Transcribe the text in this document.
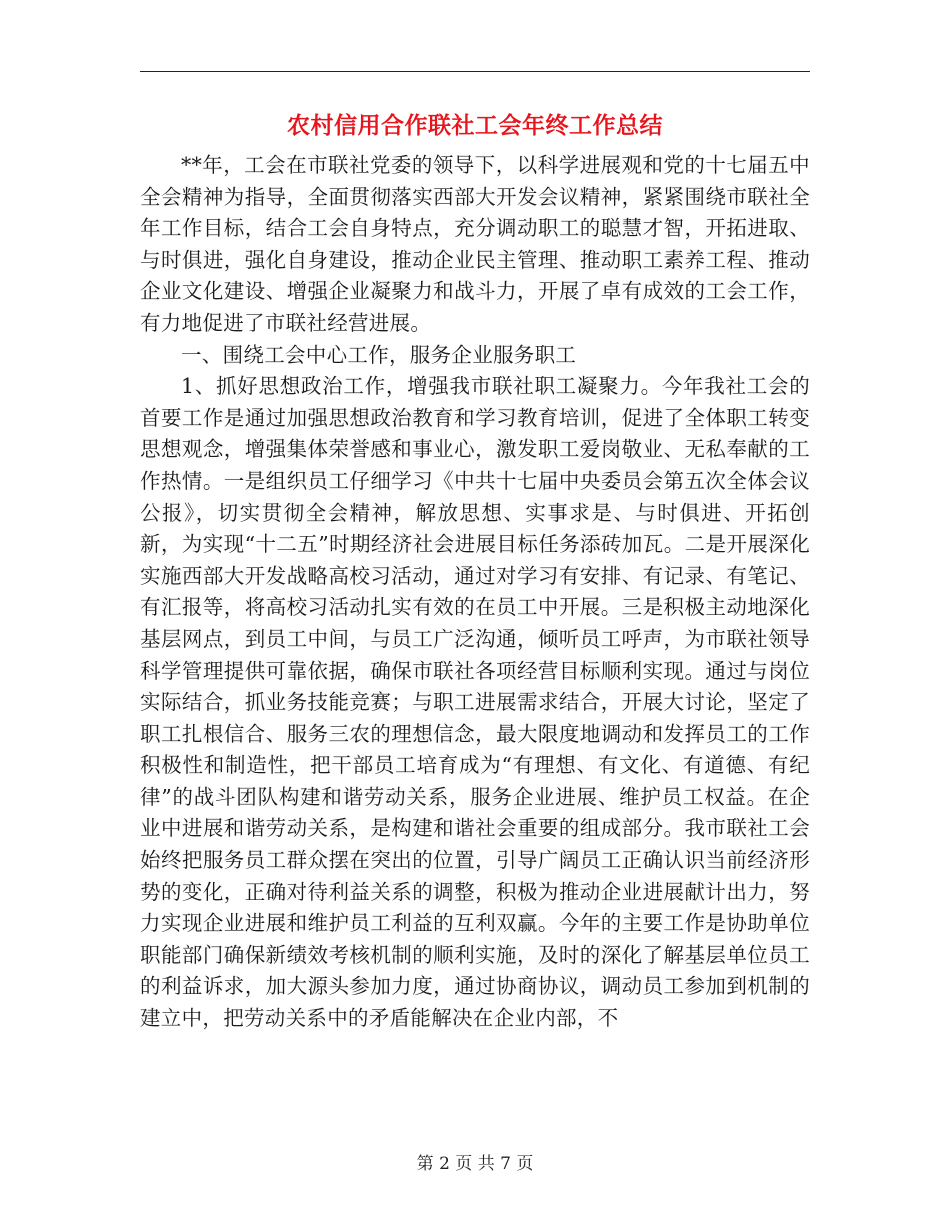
农村信用合作联社工会年终工作总结

**年，工会在市联社党委的领导下，以科学进展观和党的十七届五中全会精神为指导，全面贯彻落实西部大开发会议精神，紧紧围绕市联社全年工作目标，结合工会自身特点，充分调动职工的聪慧才智，开拓进取、与时俱进，强化自身建设，推动企业民主管理、推动职工素养工程、推动企业文化建设、增强企业凝聚力和战斗力，开展了卓有成效的工会工作，有力地促进了市联社经营进展。

一、围绕工会中心工作，服务企业服务职工

1、抓好思想政治工作，增强我市联社职工凝聚力。今年我社工会的首要工作是通过加强思想政治教育和学习教育培训，促进了全体职工转变思想观念，增强集体荣誉感和事业心，激发职工爱岗敬业、无私奉献的工作热情。一是组织员工仔细学习《中共十七届中央委员会第五次全体会议公报》，切实贯彻全会精神，解放思想、实事求是、与时俱进、开拓创新，为实现“十二五”时期经济社会进展目标任务添砖加瓦。二是开展深化实施西部大开发战略高校习活动，通过对学习有安排、有记录、有笔记、有汇报等，将高校习活动扎实有效的在员工中开展。三是积极主动地深化基层网点，到员工中间，与员工广泛沟通，倾听员工呼声，为市联社领导科学管理提供可靠依据，确保市联社各项经营目标顺利实现。通过与岗位实际结合，抓业务技能竞赛；与职工进展需求结合，开展大讨论，坚定了职工扎根信合、服务三农的理想信念，最大限度地调动和发挥员工的工作积极性和制造性，把干部员工培育成为“有理想、有文化、有道德、有纪律”的战斗团队构建和谐劳动关系，服务企业进展、维护员工权益。在企业中进展和谐劳动关系，是构建和谐社会重要的组成部分。我市联社工会始终把服务员工群众摆在突出的位置，引导广阔员工正确认识当前经济形势的变化，正确对待利益关系的调整，积极为推动企业进展献计出力，努力实现企业进展和维护员工利益的互利双赢。今年的主要工作是协助单位职能部门确保新绩效考核机制的顺利实施，及时的深化了解基层单位员工的利益诉求，加大源头参加力度，通过协商协议，调动员工参加到机制的建立中，把劳动关系中的矛盾能解决在企业内部，不

第 2 页 共 7 页
